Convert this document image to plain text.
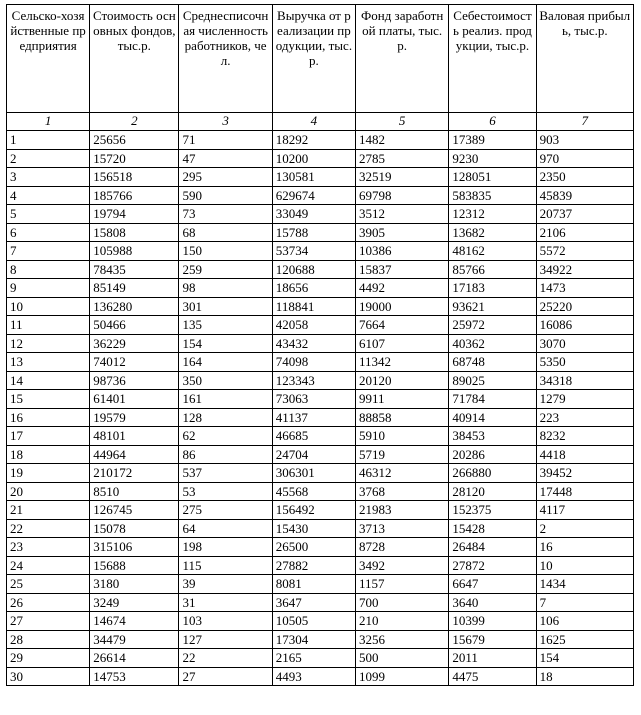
Сельско-хозяйственные предприятия	Стоимость основных фондов, тыс.р.	Среднесписочная численность работников, чел.	Выручка от реализации продукции, тыс.р.	Фонд заработной платы, тыс.р.	Себестоимость реализ. продукции, тыс.р.	Валовая прибыль, тыс.р.
1	2	3	4	5	6	7
1	25656	71	18292	1482	17389	903
2	15720	47	10200	2785	9230	970
3	156518	295	130581	32519	128051	2350
4	185766	590	629674	69798	583835	45839
5	19794	73	33049	3512	12312	20737
6	15808	68	15788	3905	13682	2106
7	105988	150	53734	10386	48162	5572
8	78435	259	120688	15837	85766	34922
9	85149	98	18656	4492	17183	1473
10	136280	301	118841	19000	93621	25220
11	50466	135	42058	7664	25972	16086
12	36229	154	43432	6107	40362	3070
13	74012	164	74098	11342	68748	5350
14	98736	350	123343	20120	89025	34318
15	61401	161	73063	9911	71784	1279
16	19579	128	41137	88858	40914	223
17	48101	62	46685	5910	38453	8232
18	44964	86	24704	5719	20286	4418
19	210172	537	306301	46312	266880	39452
20	8510	53	45568	3768	28120	17448
21	126745	275	156492	21983	152375	4117
22	15078	64	15430	3713	15428	2
23	315106	198	26500	8728	26484	16
24	15688	115	27882	3492	27872	10
25	3180	39	8081	1157	6647	1434
26	3249	31	3647	700	3640	7
27	14674	103	10505	210	10399	106
28	34479	127	17304	3256	15679	1625
29	26614	22	2165	500	2011	154
30	14753	27	4493	1099	4475	18
